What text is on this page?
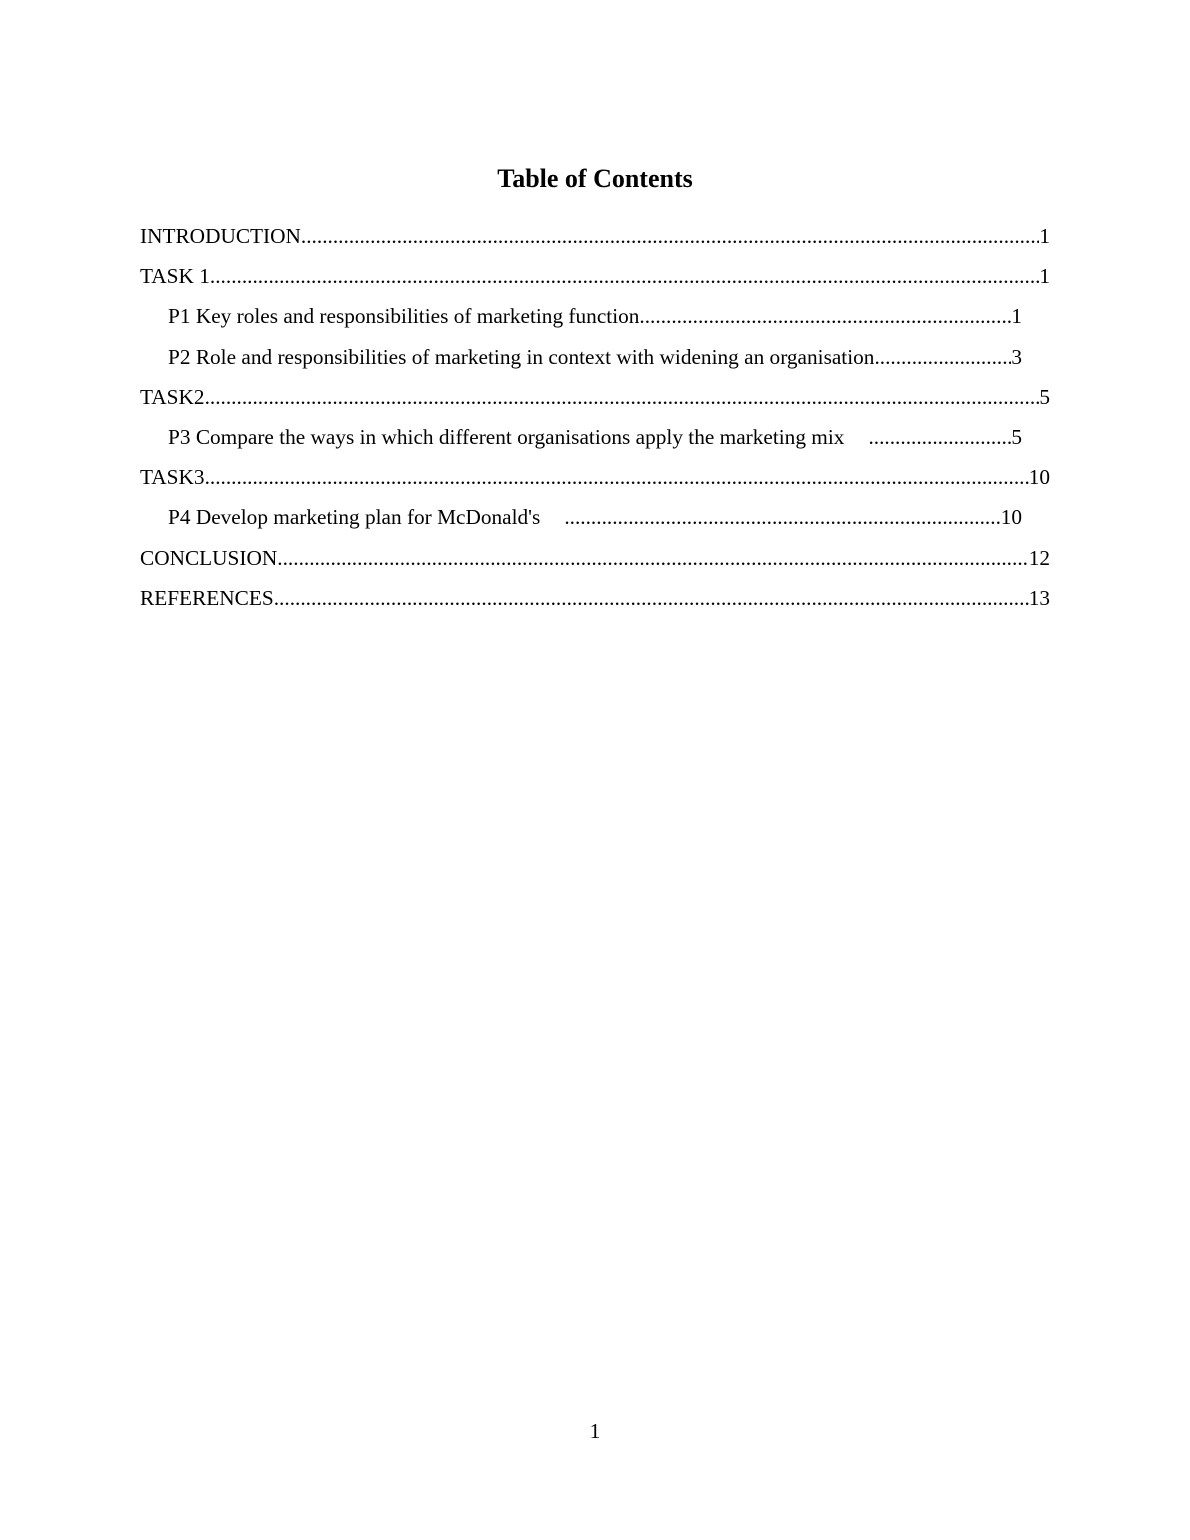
Table of Contents
INTRODUCTION .....	1
TASK 1 .....	1
P1 Key roles and responsibilities of marketing function .....	1
P2 Role and responsibilities of marketing in context with widening an organisation .....	3
TASK2 .....	5
P3 Compare the ways in which different organisations apply the marketing mix .....	5
TASK3 .....	10
P4 Develop marketing plan for McDonald's .....	10
CONCLUSION .....	12
REFERENCES .....	13
1
